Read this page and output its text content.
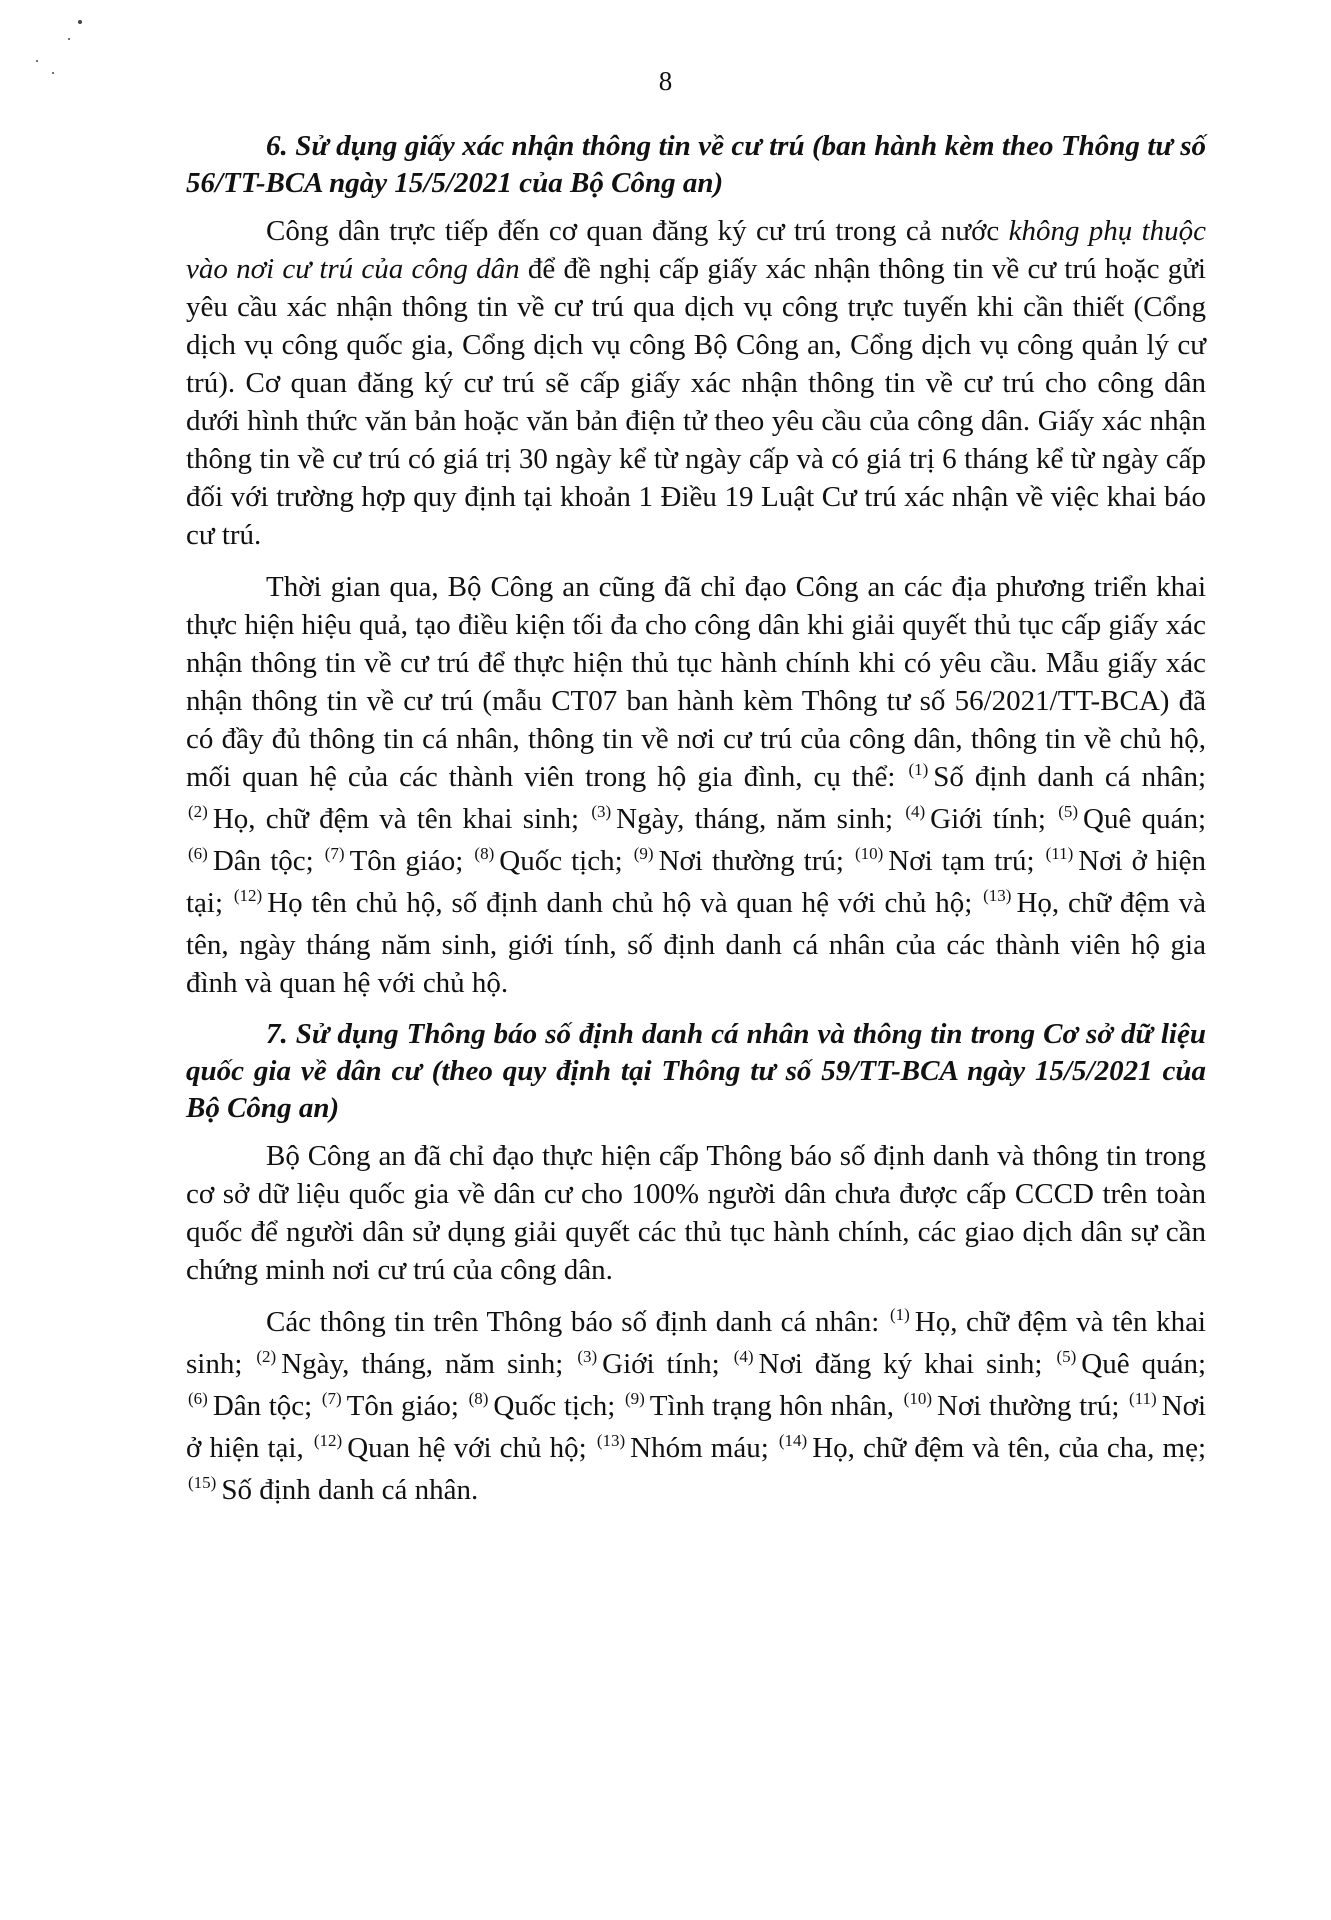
8

6. Sử dụng giấy xác nhận thông tin về cư trú (ban hành kèm theo Thông tư số 56/TT-BCA ngày 15/5/2021 của Bộ Công an)

Công dân trực tiếp đến cơ quan đăng ký cư trú trong cả nước không phụ thuộc vào nơi cư trú của công dân để đề nghị cấp giấy xác nhận thông tin về cư trú hoặc gửi yêu cầu xác nhận thông tin về cư trú qua dịch vụ công trực tuyến khi cần thiết (Cổng dịch vụ công quốc gia, Cổng dịch vụ công Bộ Công an, Cổng dịch vụ công quản lý cư trú). Cơ quan đăng ký cư trú sẽ cấp giấy xác nhận thông tin về cư trú cho công dân dưới hình thức văn bản hoặc văn bản điện tử theo yêu cầu của công dân. Giấy xác nhận thông tin về cư trú có giá trị 30 ngày kể từ ngày cấp và có giá trị 6 tháng kể từ ngày cấp đối với trường hợp quy định tại khoản 1 Điều 19 Luật Cư trú xác nhận về việc khai báo cư trú.

Thời gian qua, Bộ Công an cũng đã chỉ đạo Công an các địa phương triển khai thực hiện hiệu quả, tạo điều kiện tối đa cho công dân khi giải quyết thủ tục cấp giấy xác nhận thông tin về cư trú để thực hiện thủ tục hành chính khi có yêu cầu. Mẫu giấy xác nhận thông tin về cư trú (mẫu CT07 ban hành kèm Thông tư số 56/2021/TT-BCA) đã có đầy đủ thông tin cá nhân, thông tin về nơi cư trú của công dân, thông tin về chủ hộ, mối quan hệ của các thành viên trong hộ gia đình, cụ thể: $^{(1)}$ Số định danh cá nhân; $^{(2)}$ Họ, chữ đệm và tên khai sinh; $^{(3)}$ Ngày, tháng, năm sinh; $^{(4)}$ Giới tính; $^{(5)}$ Quê quán; $^{(6)}$ Dân tộc; $^{(7)}$ Tôn giáo; $^{(8)}$ Quốc tịch; $^{(9)}$ Nơi thường trú; $^{(10)}$ Nơi tạm trú; $^{(11)}$ Nơi ở hiện tại; $^{(12)}$ Họ tên chủ hộ, số định danh chủ hộ và quan hệ với chủ hộ; $^{(13)}$ Họ, chữ đệm và tên, ngày tháng năm sinh, giới tính, số định danh cá nhân của các thành viên hộ gia đình và quan hệ với chủ hộ.

7. Sử dụng Thông báo số định danh cá nhân và thông tin trong Cơ sở dữ liệu quốc gia về dân cư (theo quy định tại Thông tư số 59/TT-BCA ngày 15/5/2021 của Bộ Công an)

Bộ Công an đã chỉ đạo thực hiện cấp Thông báo số định danh và thông tin trong cơ sở dữ liệu quốc gia về dân cư cho 100% người dân chưa được cấp CCCD trên toàn quốc để người dân sử dụng giải quyết các thủ tục hành chính, các giao dịch dân sự cần chứng minh nơi cư trú của công dân.

Các thông tin trên Thông báo số định danh cá nhân: $^{(1)}$ Họ, chữ đệm và tên khai sinh; $^{(2)}$ Ngày, tháng, năm sinh; $^{(3)}$ Giới tính; $^{(4)}$ Nơi đăng ký khai sinh; $^{(5)}$ Quê quán; $^{(6)}$ Dân tộc; $^{(7)}$ Tôn giáo; $^{(8)}$ Quốc tịch; $^{(9)}$ Tình trạng hôn nhân, $^{(10)}$ Nơi thường trú; $^{(11)}$ Nơi ở hiện tại, $^{(12)}$ Quan hệ với chủ hộ; $^{(13)}$ Nhóm máu; $^{(14)}$ Họ, chữ đệm và tên, của cha, mẹ; $^{(15)}$ Số định danh cá nhân.
